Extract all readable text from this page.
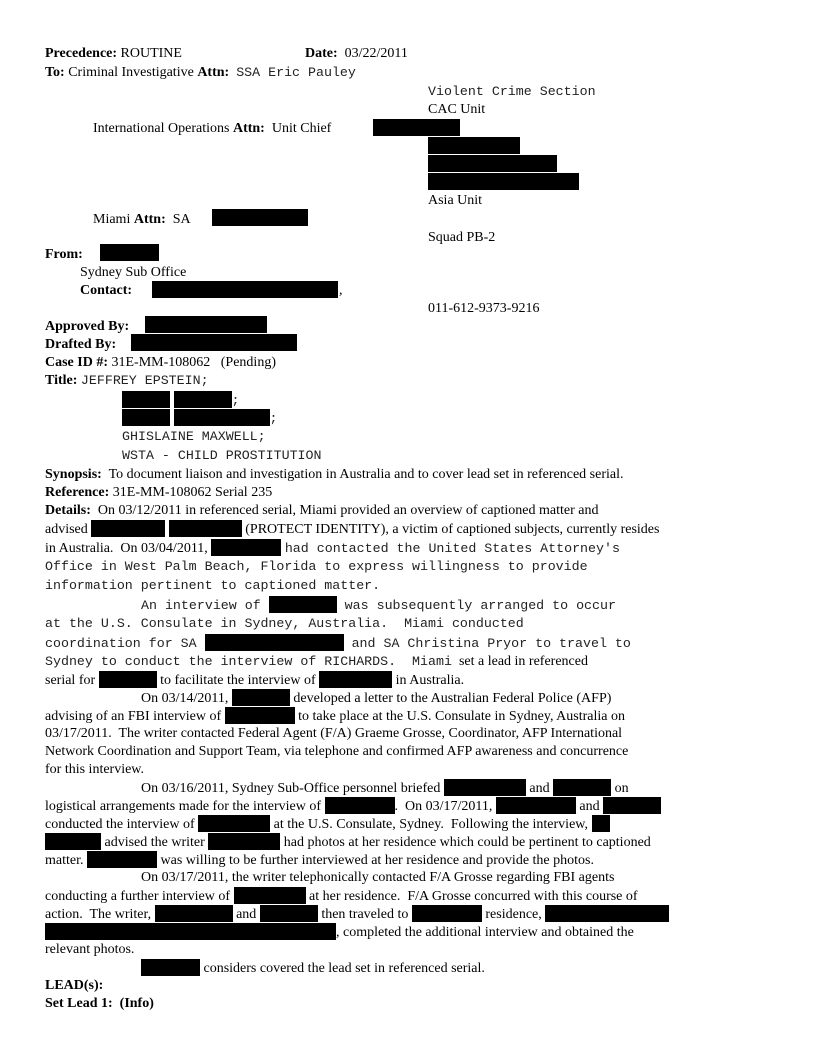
Precedence: ROUTINE	Date: 03/22/2011
To: Criminal Investigative Attn: SSA Eric Pauley
Violent Crime Section
CAC Unit
International Operations Attn: Unit Chief
Asia Unit
Miami Attn: SA
Squad PB-2
From:
Sydney Sub Office
Contact:	,
011-612-9373-9216
Approved By:
Drafted By:
Case ID #: 31E-MM-108062   (Pending)
Title: JEFFREY EPSTEIN;
;
;
GHISLAINE MAXWELL;
WSTA - CHILD PROSTITUTION
Synopsis: To document liaison and investigation in Australia and to cover lead set in referenced serial.
Reference: 31E-MM-108062 Serial 235
Details: On 03/12/2011 in referenced serial, Miami provided an overview of captioned matter and
advised	(PROTECT IDENTITY), a victim of captioned subjects, currently resides
in Australia.  On 03/04/2011,	had contacted the United States Attorney's
Office in West Palm Beach, Florida to express willingness to provide
information pertinent to captioned matter.
An interview of	was subsequently arranged to occur
at the U.S. Consulate in Sydney, Australia.  Miami conducted
coordination for SA	and SA Christina Pryor to travel to
Sydney to conduct the interview of RICHARDS.  Miami set a lead in referenced
serial for	to facilitate the interview of	in Australia.
On 03/14/2011,	developed a letter to the Australian Federal Police (AFP)
advising of an FBI interview of	to take place at the U.S. Consulate in Sydney, Australia on
03/17/2011.  The writer contacted Federal Agent (F/A) Graeme Grosse, Coordinator, AFP International
Network Coordination and Support Team, via telephone and confirmed AFP awareness and concurrence
for this interview.
On 03/16/2011, Sydney Sub-Office personnel briefed	and	on
logistical arrangements made for the interview of	.  On 03/17/2011,	and
conducted the interview of	at the U.S. Consulate, Sydney.  Following the interview,
advised the writer	had photos at her residence which could be pertinent to captioned
matter.	was willing to be further interviewed at her residence and provide the photos.
On 03/17/2011, the writer telephonically contacted F/A Grosse regarding FBI agents
conducting a further interview of	at her residence.  F/A Grosse concurred with this course of
action.  The writer,	and	then traveled to	residence,
, completed the additional interview and obtained the
relevant photos.
considers covered the lead set in referenced serial.
LEAD(s):
Set Lead 1:  (Info)
